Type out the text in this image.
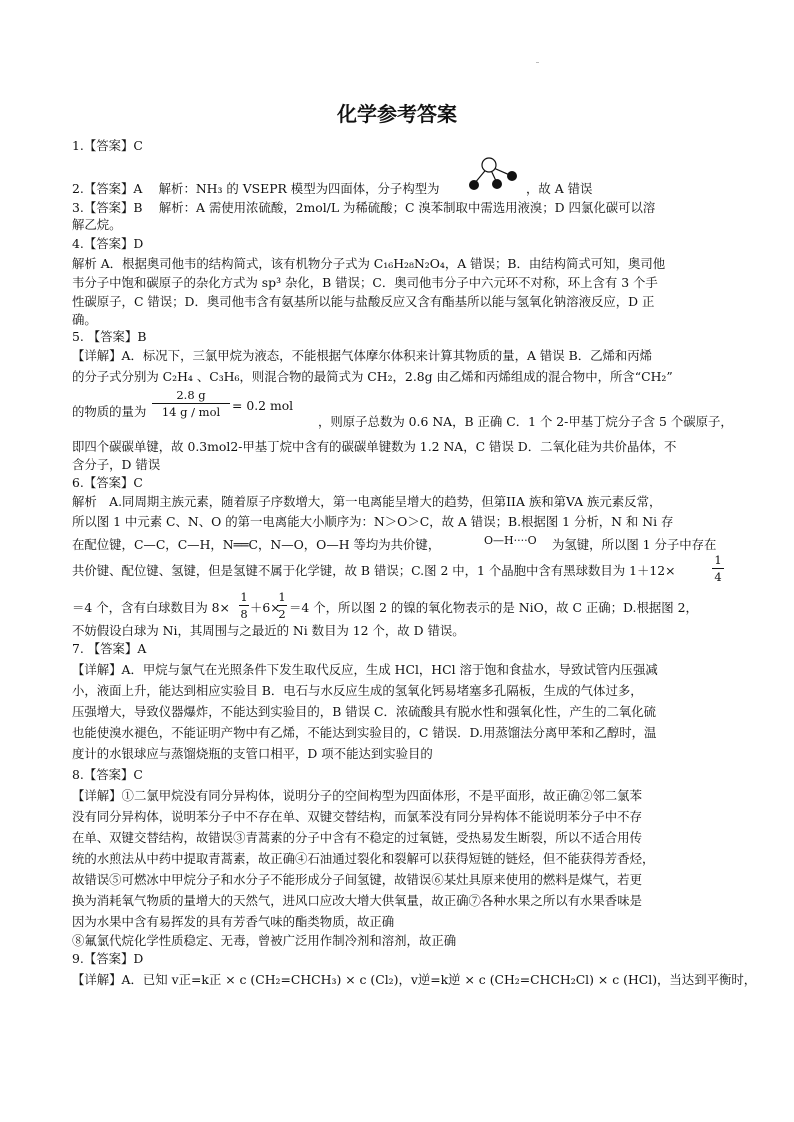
化学参考答案
1.【答案】C
2.【答案】A　 解析：NH₃ 的 VSEPR 模型为四面体，分子构型为	，故 A 错误
3.【答案】B　 解析：A 需使用浓硫酸，2mol/L 为稀硫酸；C 溴苯制取中需选用液溴；D 四氯化碳可以溶
解乙烷。
4.【答案】D
解析 A．根据奥司他韦的结构简式，该有机物分子式为 C₁₆H₂₈N₂O₄，A 错误；B．由结构简式可知，奥司他
韦分子中饱和碳原子的杂化方式为 sp³ 杂化，B 错误；C．奥司他韦分子中六元环不对称，环上含有 3 个手
性碳原子，C 错误；D．奥司他韦含有氨基所以能与盐酸反应又含有酯基所以能与氢氧化钠溶液反应，D 正
确。
5. 【答案】B
【详解】A．标况下，三氯甲烷为液态，不能根据气体摩尔体积来计算其物质的量，A 错误 B．乙烯和丙烯
的分子式分别为 C₂H₄ 、C₃H₆，则混合物的最简式为 CH₂，2.8g 由乙烯和丙烯组成的混合物中，所含“CH₂”
的物质的量为
2.8 g
14 g / mol = 0.2 mol
，则原子总数为 0.6 NA，B 正确 C．1 个 2-甲基丁烷分子含 5 个碳原子，
即四个碳碳单键，故 0.3mol2-甲基丁烷中含有的碳碳单键数为 1.2 NA，C 错误 D．二氧化硅为共价晶体，不
含分子，D 错误
6.【答案】C
解析　A.同周期主族元素，随着原子序数增大，第一电离能呈增大的趋势，但第IIA 族和第VA 族元素反常，
所以图 1 中元素 C、N、O 的第一电离能大小顺序为：N＞O＞C，故 A 错误；B.根据图 1 分析，N 和 Ni 存
在配位键，C—C，C—H，N══C，N—O，O—H 等均为共价键，	O—H····O	为氢键，所以图 1 分子中存在
共价键、配位键、氢键，但是氢键不属于化学键，故 B 错误；C.图 2 中，1 个晶胞中含有黑球数目为 1＋12×
1
4
＝4 个，含有白球数目为 8×
1
8 ＋6×
1
2 ＝4 个，所以图 2 的镍的氧化物表示的是 NiO，故 C 正确；D.根据图 2，
不妨假设白球为 Ni，其周围与之最近的 Ni 数目为 12 个，故 D 错误。
7. 【答案】A
【详解】A．甲烷与氯气在光照条件下发生取代反应，生成 HCl，HCl 溶于饱和食盐水，导致试管内压强减
小，液面上升，能达到相应实验目 B．电石与水反应生成的氢氧化钙易堵塞多孔隔板，生成的气体过多，
压强增大，导致仪器爆炸，不能达到实验目的，B 错误 C．浓硫酸具有脱水性和强氧化性，产生的二氧化硫
也能使溴水褪色，不能证明产物中有乙烯，不能达到实验目的，C 错误．D.用蒸馏法分离甲苯和乙醇时，温
度计的水银球应与蒸馏烧瓶的支管口相平，D 项不能达到实验目的
8.【答案】C
【详解】①二氯甲烷没有同分异构体，说明分子的空间构型为四面体形，不是平面形，故正确②邻二氯苯
没有同分异构体，说明苯分子中不存在单、双键交替结构，而氯苯没有同分异构体不能说明苯分子中不存
在单、双键交替结构，故错误③青蒿素的分子中含有不稳定的过氧链，受热易发生断裂，所以不适合用传
统的水煎法从中药中提取青蒿素，故正确④石油通过裂化和裂解可以获得短链的链烃，但不能获得芳香烃，
故错误⑤可燃冰中甲烷分子和水分子不能形成分子间氢键，故错误⑥某灶具原来使用的燃料是煤气，若更
换为消耗氧气物质的量增大的天然气，进风口应改大增大供氧量，故正确⑦各种水果之所以有水果香味是
因为水果中含有易挥发的具有芳香气味的酯类物质，故正确
⑧氟氯代烷化学性质稳定、无毒，曾被广泛用作制冷剂和溶剂，故正确
9.【答案】D
【详解】A．已知 v正=k正 × c (CH₂=CHCH₃) × c (Cl₂)，v逆=k逆 × c (CH₂=CHCH₂Cl) × c (HCl)，当达到平衡时，
